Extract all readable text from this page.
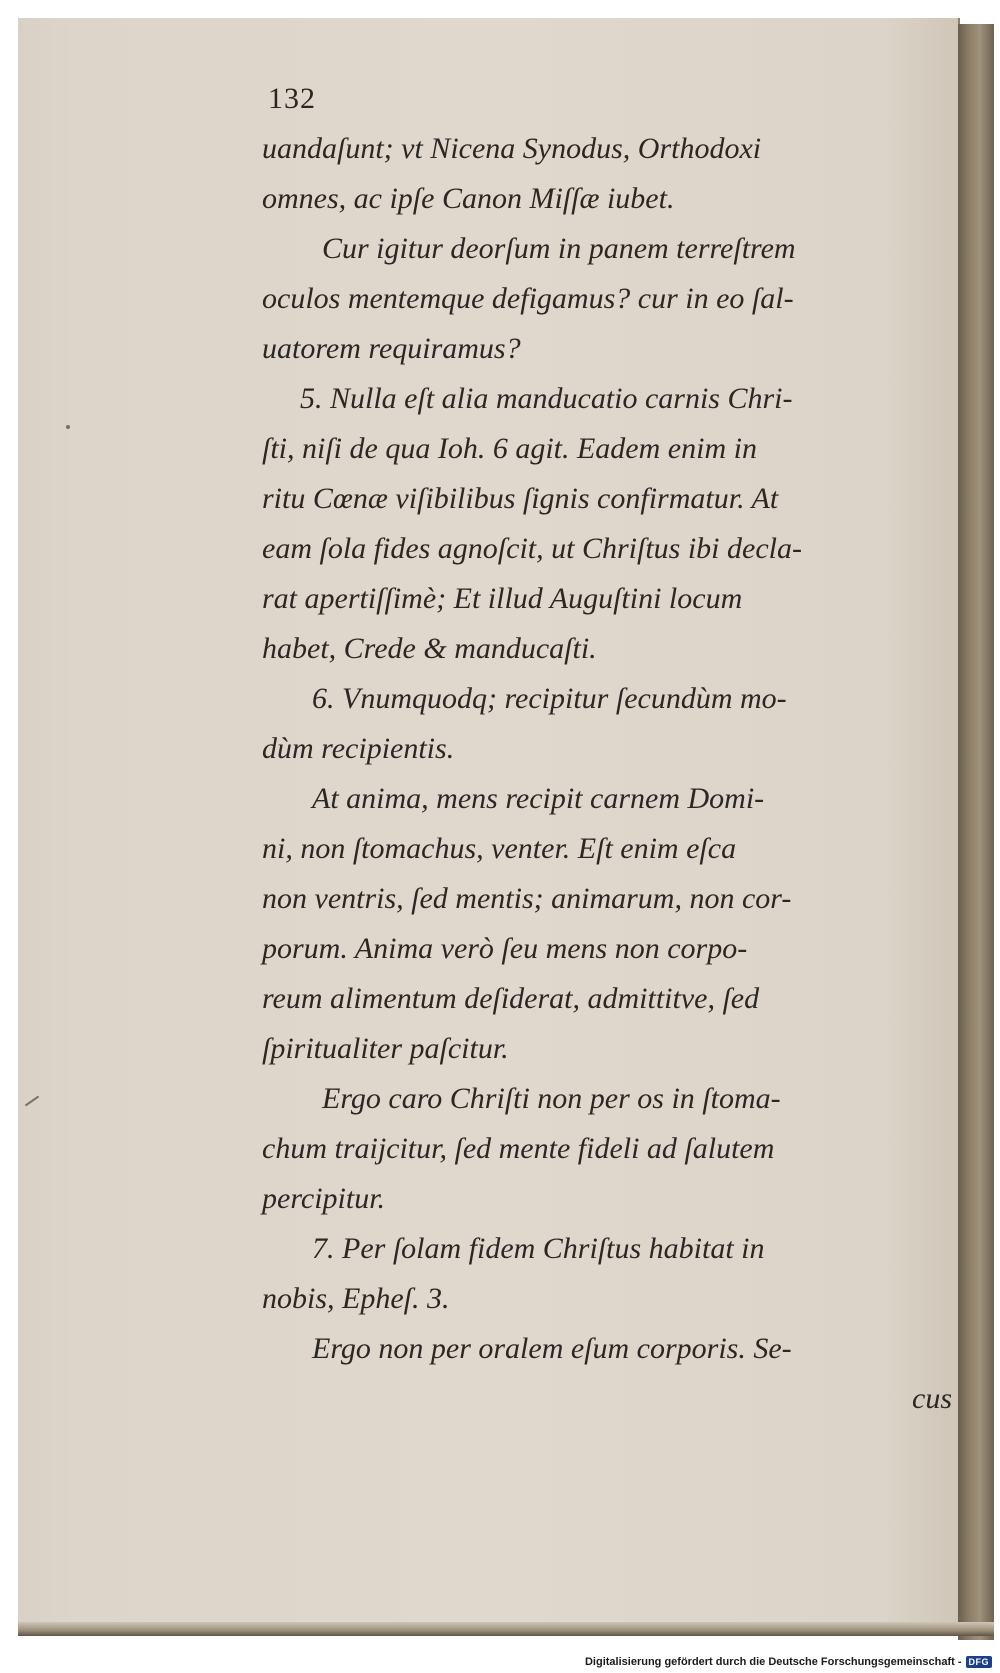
132
uandaſunt; vt Nicena Synodus, Orthodoxi
omnes, ac ipſe Canon Miſſæ iubet.
Cur igitur deorſum in panem terreſtrem
oculos mentemque defigamus? cur in eo ſal-
uatorem requiramus?
5. Nulla eſt alia manducatio carnis Chri-
ſti, niſi de qua Ioh. 6 agit. Eadem enim in
ritu Cœnæ viſibilibus ſignis confirmatur. At
eam ſola fides agnoſcit, ut Chriſtus ibi decla-
rat apertiſſimè; Et illud Auguſtini locum
habet, Crede & manducaſti.
6. Vnumquodq; recipitur ſecundùm mo-
dùm recipientis.
At anima, mens recipit carnem Domi-
ni, non ſtomachus, venter. Eſt enim eſca
non ventris, ſed mentis; animarum, non cor-
porum. Anima verò ſeu mens non corpo-
reum alimentum deſiderat, admittitve, ſed
ſpiritualiter paſcitur.
Ergo caro Chriſti non per os in ſtoma-
chum traijcitur, ſed mente fideli ad ſalutem
percipitur.
7. Per ſolam fidem Chriſtus habitat in
nobis, Epheſ. 3.
Ergo non per oralem eſum corporis. Se-
cus
Digitalisierung gefördert durch die Deutsche Forschungsgemeinschaft - DFG
